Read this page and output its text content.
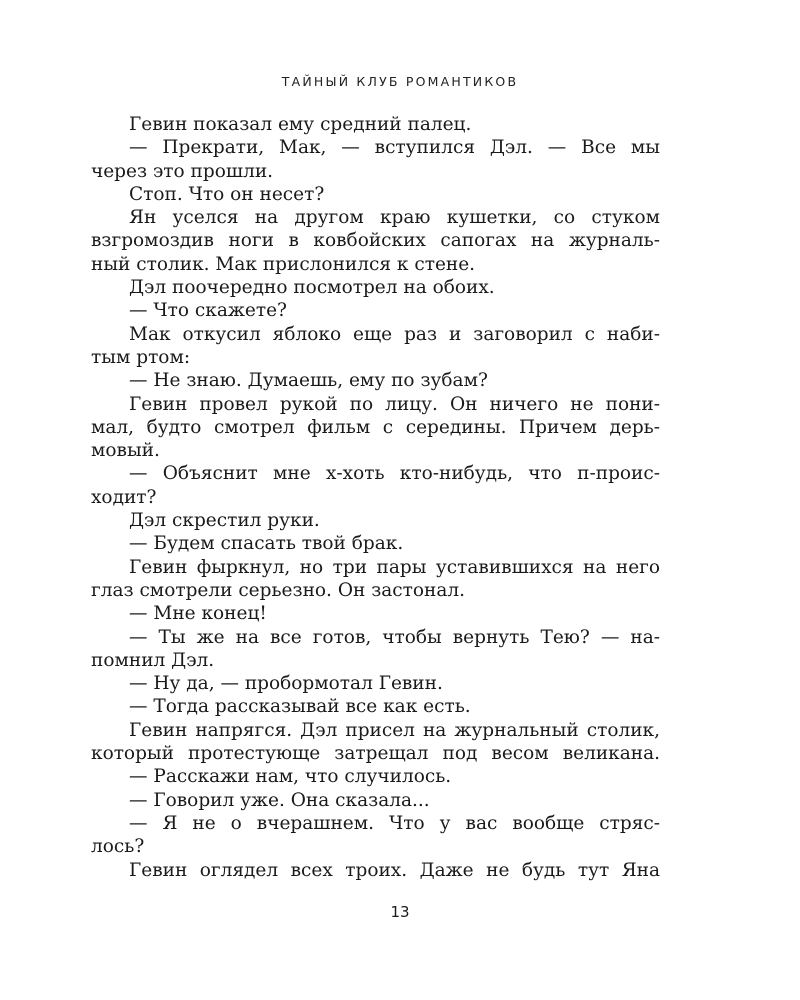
ТАЙНЫЙ КЛУБ РОМАНТИКОВ
Гевин показал ему средний палец.
— Прекрати, Мак, — вступился Дэл. — Все мы
через это прошли.
Стоп. Что он несет?
Ян уселся на другом краю кушетки, со стуком
взгромоздив ноги в ковбойских сапогах на журналь-
ный столик. Мак прислонился к стене.
Дэл поочередно посмотрел на обоих.
— Что скажете?
Мак откусил яблоко еще раз и заговорил с наби-
тым ртом:
— Не знаю. Думаешь, ему по зубам?
Гевин провел рукой по лицу. Он ничего не пони-
мал, будто смотрел фильм с середины. Причем дерь-
мовый.
— Объяснит мне х-хоть кто-нибудь, что п-проис-
ходит?
Дэл скрестил руки.
— Будем спасать твой брак.
Гевин фыркнул, но три пары уставившихся на него
глаз смотрели серьезно. Он застонал.
— Мне конец!
— Ты же на все готов, чтобы вернуть Тею? — на-
помнил Дэл.
— Ну да, — пробормотал Гевин.
— Тогда рассказывай все как есть.
Гевин напрягся. Дэл присел на журнальный столик,
который протестующе затрещал под весом великана.
— Расскажи нам, что случилось.
— Говорил уже. Она сказала...
— Я не о вчерашнем. Что у вас вообще стряс-
лось?
Гевин оглядел всех троих. Даже не будь тут Яна
13
